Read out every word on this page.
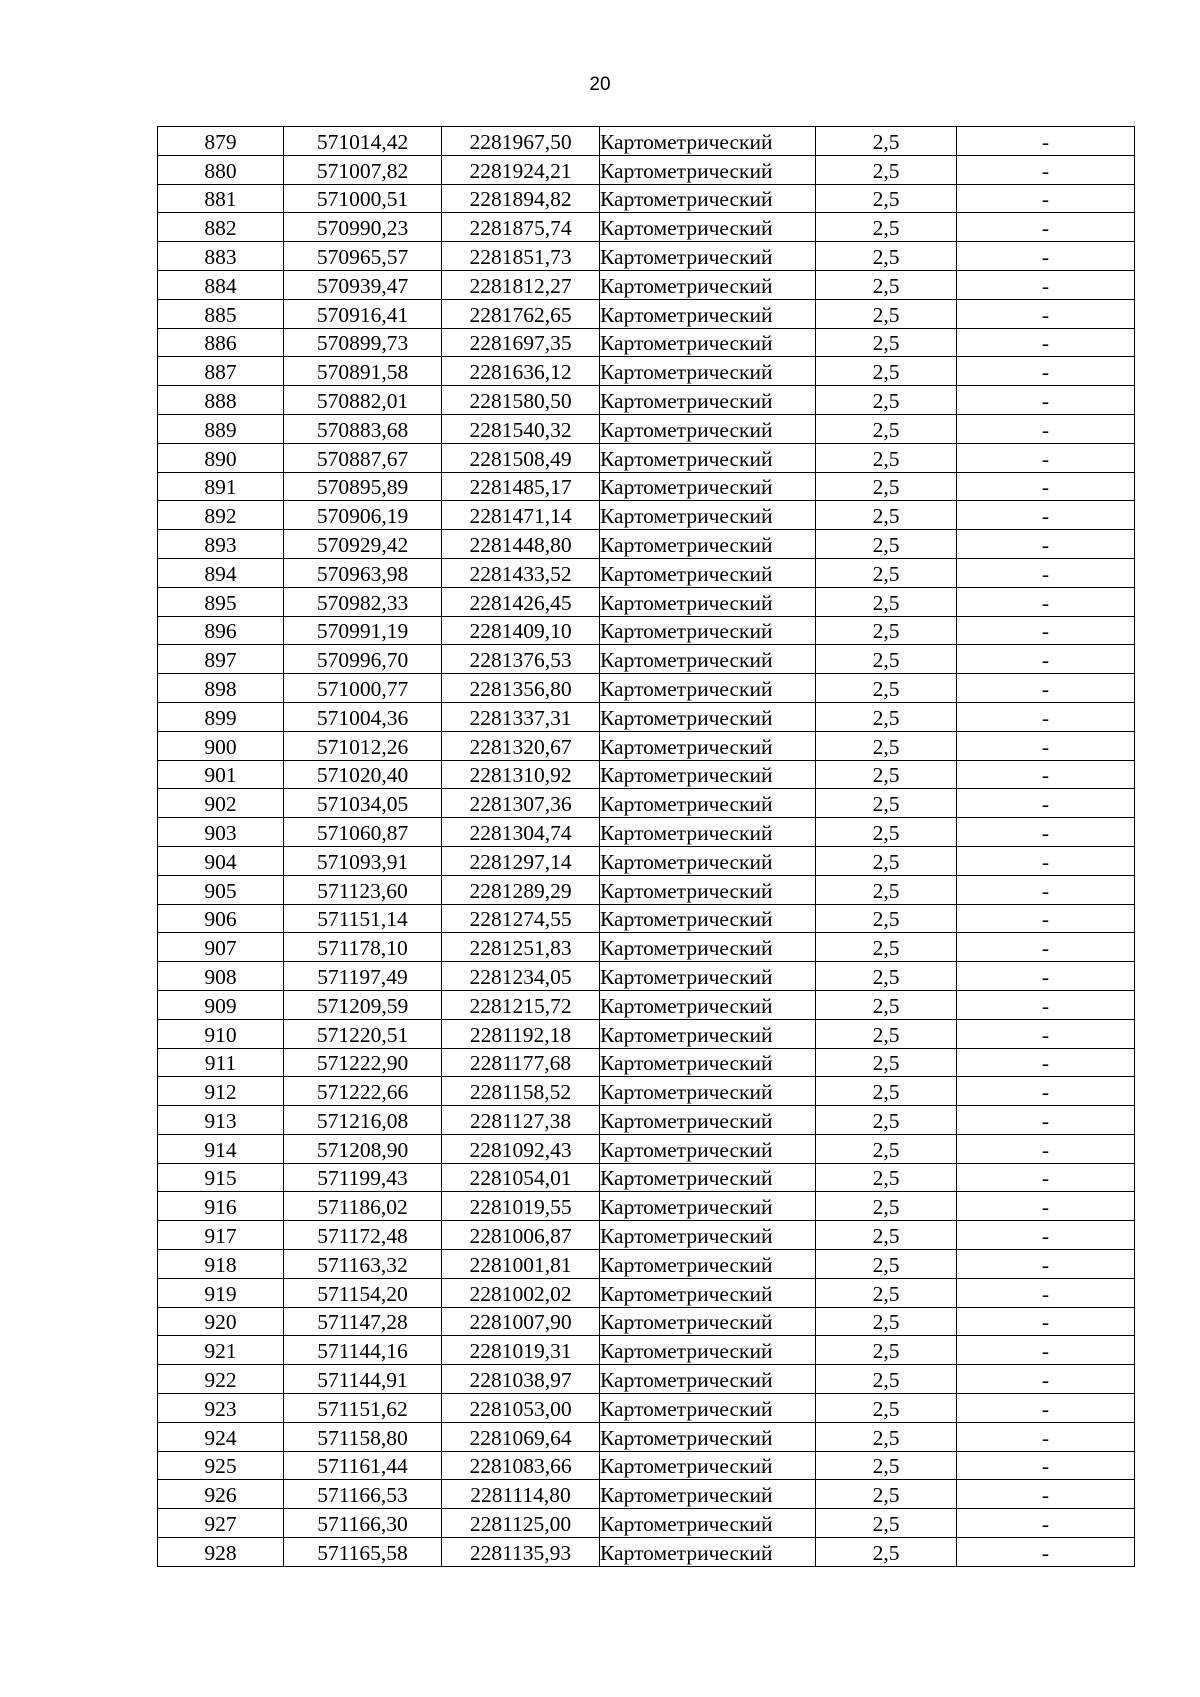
20
879	571014,42	2281967,50	Картометрический	2,5	-
880	571007,82	2281924,21	Картометрический	2,5	-
881	571000,51	2281894,82	Картометрический	2,5	-
882	570990,23	2281875,74	Картометрический	2,5	-
883	570965,57	2281851,73	Картометрический	2,5	-
884	570939,47	2281812,27	Картометрический	2,5	-
885	570916,41	2281762,65	Картометрический	2,5	-
886	570899,73	2281697,35	Картометрический	2,5	-
887	570891,58	2281636,12	Картометрический	2,5	-
888	570882,01	2281580,50	Картометрический	2,5	-
889	570883,68	2281540,32	Картометрический	2,5	-
890	570887,67	2281508,49	Картометрический	2,5	-
891	570895,89	2281485,17	Картометрический	2,5	-
892	570906,19	2281471,14	Картометрический	2,5	-
893	570929,42	2281448,80	Картометрический	2,5	-
894	570963,98	2281433,52	Картометрический	2,5	-
895	570982,33	2281426,45	Картометрический	2,5	-
896	570991,19	2281409,10	Картометрический	2,5	-
897	570996,70	2281376,53	Картометрический	2,5	-
898	571000,77	2281356,80	Картометрический	2,5	-
899	571004,36	2281337,31	Картометрический	2,5	-
900	571012,26	2281320,67	Картометрический	2,5	-
901	571020,40	2281310,92	Картометрический	2,5	-
902	571034,05	2281307,36	Картометрический	2,5	-
903	571060,87	2281304,74	Картометрический	2,5	-
904	571093,91	2281297,14	Картометрический	2,5	-
905	571123,60	2281289,29	Картометрический	2,5	-
906	571151,14	2281274,55	Картометрический	2,5	-
907	571178,10	2281251,83	Картометрический	2,5	-
908	571197,49	2281234,05	Картометрический	2,5	-
909	571209,59	2281215,72	Картометрический	2,5	-
910	571220,51	2281192,18	Картометрический	2,5	-
911	571222,90	2281177,68	Картометрический	2,5	-
912	571222,66	2281158,52	Картометрический	2,5	-
913	571216,08	2281127,38	Картометрический	2,5	-
914	571208,90	2281092,43	Картометрический	2,5	-
915	571199,43	2281054,01	Картометрический	2,5	-
916	571186,02	2281019,55	Картометрический	2,5	-
917	571172,48	2281006,87	Картометрический	2,5	-
918	571163,32	2281001,81	Картометрический	2,5	-
919	571154,20	2281002,02	Картометрический	2,5	-
920	571147,28	2281007,90	Картометрический	2,5	-
921	571144,16	2281019,31	Картометрический	2,5	-
922	571144,91	2281038,97	Картометрический	2,5	-
923	571151,62	2281053,00	Картометрический	2,5	-
924	571158,80	2281069,64	Картометрический	2,5	-
925	571161,44	2281083,66	Картометрический	2,5	-
926	571166,53	2281114,80	Картометрический	2,5	-
927	571166,30	2281125,00	Картометрический	2,5	-
928	571165,58	2281135,93	Картометрический	2,5	-
